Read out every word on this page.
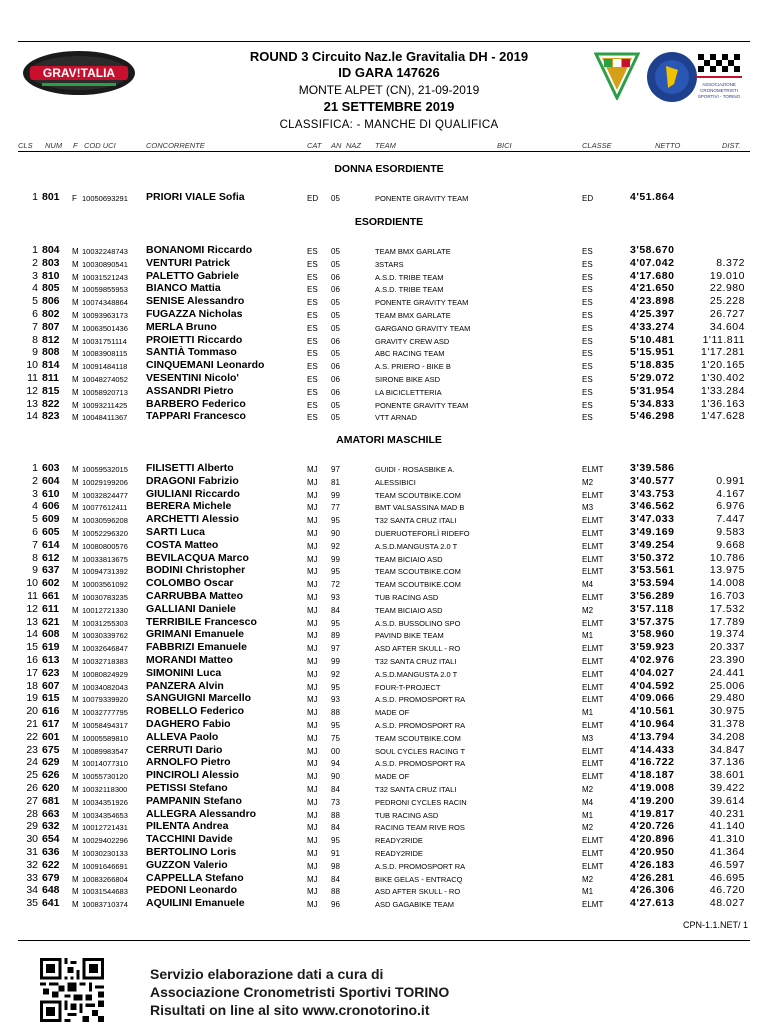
GRAV!TALIA
ROUND 3 Circuito Naz.le Gravitalia DH - 2019
ID GARA 147626
MONTE ALPET (CN), 21-09-2019
21 SETTEMBRE 2019
CLASSIFICA: - MANCHE DI QUALIFICA
ASSOCIAZIONE
CRONOMETRISTI
SPORTIVI - TORINO
CLS NUM F COD UCI	CONCORRENTE	CAT AN NAZ TEAM	BICI	CLASSE	NETTO	DIST.
DONNA ESORDIENTE
1 801	F 10050693291 PRIORI VIALE Sofia	ED 05	PONENTE GRAVITY TEAM	ED	4'51.864
ESORDIENTE
1 804	M 10032248743 BONANOMI Riccardo	ES 05	TEAM BMX GARLATE	ES	3'58.670
2 803	M 10030890541 VENTURI Patrick	ES 05	3STARS	ES	4'07.042	8.372
3 810	M 10031521243 PALETTO Gabriele	ES 06	A.S.D. TRIBE TEAM	ES	4'17.680	19.010
4 805	M 10059855953 BIANCO Mattia	ES 06	A.S.D. TRIBE TEAM	ES	4'21.650	22.980
5 806	M 10074348864 SENISE Alessandro	ES 05	PONENTE GRAVITY TEAM	ES	4'23.898	25.228
6 802	M 10093963173 FUGAZZA Nicholas	ES 05	TEAM BMX GARLATE	ES	4'25.397	26.727
7 807	M 10063501436 MERLA Bruno	ES 05	GARGANO GRAVITY TEAM	ES	4'33.274	34.604
8 812	M 10031751114 PROIETTI Riccardo	ES 06	GRAVITY CREW ASD	ES	5'10.481	1'11.811
9 808	M 10083908115 SANTIÀ Tommaso	ES 05	ABC RACING TEAM	ES	5'15.951	1'17.281
10 814	M 10091484118 CINQUEMANI Leonardo	ES 06	A.S. PRIERO - BIKE B	ES	5'18.835	1'20.165
11 811	M 10048274052 VESENTINI Nicolo'	ES 06	SIRONE BIKE ASD	ES	5'29.072	1'30.402
12 815	M 10058920713 ASSANDRI Pietro	ES 06	LA BICICLETTERIA	ES	5'31.954	1'33.284
13 822	M 10093211425 BARBERO Federico	ES 05	PONENTE GRAVITY TEAM	ES	5'34.833	1'36.163
14 823	M 10048411367 TAPPARI Francesco	ES 05	VTT ARNAD	ES	5'46.298	1'47.628
AMATORI MASCHILE
1 603	M 10059532015 FILISETTI Alberto	MJ 97	GUIDI - ROSASBIKE A.	ELMT	3'39.586
2 604	M 10029199206 DRAGONI Fabrizio	MJ 81	ALESSIBICI	M2	3'40.577	0.991
3 610	M 10032824477 GIULIANI Riccardo	MJ 99	TEAM SCOUTBIKE.COM	ELMT	3'43.753	4.167
4 606	M 10077612411 BERERA Michele	MJ 77	BMT VALSASSINA MAD B	M3	3'46.562	6.976
5 609	M 10030596208 ARCHETTI Alessio	MJ 95	T32 SANTA CRUZ ITALI	ELMT	3'47.033	7.447
6 605	M 10052296320 SARTI Luca	MJ 90	DUERUOTEFORLÌ RIDEFO	ELMT	3'49.169	9.583
7 614	M 10080800576 COSTA Matteo	MJ 92	A.S.D.MANGUSTA 2.0 T	ELMT	3'49.254	9.668
8 612	M 10033813675 BEVILACQUA Marco	MJ 99	TEAM BICIAIO ASD	ELMT	3'50.372	10.786
9 637	M 10094731392 BODINI Christopher	MJ 95	TEAM SCOUTBIKE.COM	ELMT	3'53.561	13.975
10 602	M 10003561092 COLOMBO Oscar	MJ 72	TEAM SCOUTBIKE.COM	M4	3'53.594	14.008
11 661	M 10030783235 CARRUBBA Matteo	MJ 93	TUB RACING ASD	ELMT	3'56.289	16.703
12 611	M 10012721330 GALLIANI Daniele	MJ 84	TEAM BICIAIO ASD	M2	3'57.118	17.532
13 621	M 10031255303 TERRIBILE Francesco	MJ 95	A.S.D. BUSSOLINO SPO	ELMT	3'57.375	17.789
14 608	M 10030339762 GRIMANI Emanuele	MJ 89	PAVIND BIKE TEAM	M1	3'58.960	19.374
15 619	M 10032646847 FABBRIZI Emanuele	MJ 97	ASD AFTER SKULL - RO	ELMT	3'59.923	20.337
16 613	M 10032718383 MORANDI Matteo	MJ 99	T32 SANTA CRUZ ITALI	ELMT	4'02.976	23.390
17 623	M 10080824929 SIMONINI Luca	MJ 92	A.S.D.MANGUSTA 2.0 T	ELMT	4'04.027	24.441
18 607	M 10034082043 PANZERA Alvin	MJ 95	FOUR-T-PROJECT	ELMT	4'04.592	25.006
19 615	M 10079339920 SANGUIGNI Marcello	MJ 93	A.S.D. PROMOSPORT RA	ELMT	4'09.066	29.480
20 616	M 10032777795 ROBELLO Federico	MJ 88	MADE OF	M1	4'10.561	30.975
21 617	M 10058494317 DAGHERO Fabio	MJ 95	A.S.D. PROMOSPORT RA	ELMT	4'10.964	31.378
22 601	M 10005589810 ALLEVA Paolo	MJ 75	TEAM SCOUTBIKE.COM	M3	4'13.794	34.208
23 675	M 10089983547 CERRUTI Dario	MJ 00	SOUL CYCLES RACING T	ELMT	4'14.433	34.847
24 629	M 10014077310 ARNOLFO Pietro	MJ 94	A.S.D. PROMOSPORT RA	ELMT	4'16.722	37.136
25 626	M 10055730120 PINCIROLI Alessio	MJ 90	MADE OF	ELMT	4'18.187	38.601
26 620	M 10032118300 PETISSI Stefano	MJ 84	T32 SANTA CRUZ ITALI	M2	4'19.008	39.422
27 681	M 10034351926 PAMPANIN Stefano	MJ 73	PEDRONI CYCLES RACIN	M4	4'19.200	39.614
28 663	M 10034354653 ALLEGRA Alessandro	MJ 88	TUB RACING ASD	M1	4'19.817	40.231
29 632	M 10012721431 PILENTA Andrea	MJ 84	RACING TEAM RIVE ROS	M2	4'20.726	41.140
30 654	M 10029402296 TACCHINI Davide	MJ 95	READY2RIDE	ELMT	4'20.896	41.310
31 636	M 10030230133 BERTOLINO Loris	MJ 91	READY2RIDE	ELMT	4'20.950	41.364
32 622	M 10091646691 GUZZON Valerio	MJ 98	A.S.D. PROMOSPORT RA	ELMT	4'26.183	46.597
33 679	M 10083266804 CAPPELLA Stefano	MJ 84	BIKE GELAS - ENTRACQ	M2	4'26.281	46.695
34 648	M 10031544683 PEDONI Leonardo	MJ 88	ASD AFTER SKULL - RO	M1	4'26.306	46.720
35 641	M 10083710374 AQUILINI Emanuele	MJ 96	ASD GAGABIKE TEAM	ELMT	4'27.613	48.027
CPN-1.1.NET/ 1
Servizio elaborazione dati a cura di
Associazione Cronometristi Sportivi TORINO
Risultati on line al sito www.cronotorino.it
